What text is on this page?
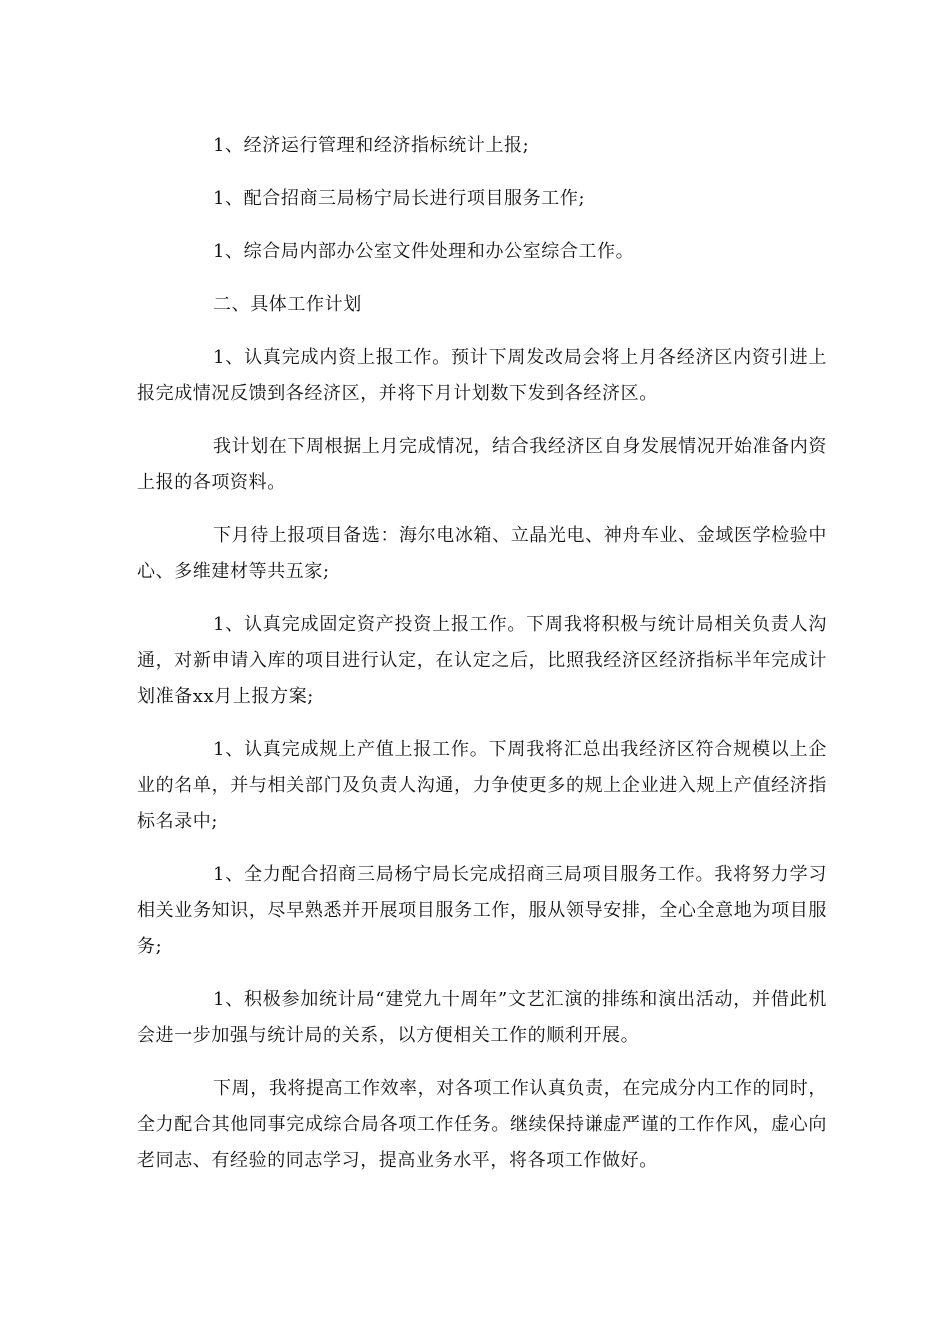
1、经济运行管理和经济指标统计上报;

1、配合招商三局杨宁局长进行项目服务工作;

1、综合局内部办公室文件处理和办公室综合工作。

二、具体工作计划

1、认真完成内资上报工作。预计下周发改局会将上月各经济区内资引进上报完成情况反馈到各经济区，并将下月计划数下发到各经济区。

我计划在下周根据上月完成情况，结合我经济区自身发展情况开始准备内资上报的各项资料。

下月待上报项目备选：海尔电冰箱、立晶光电、神舟车业、金域医学检验中心、多维建材等共五家;

1、认真完成固定资产投资上报工作。下周我将积极与统计局相关负责人沟通，对新申请入库的项目进行认定，在认定之后，比照我经济区经济指标半年完成计划准备xx月上报方案;

1、认真完成规上产值上报工作。下周我将汇总出我经济区符合规模以上企业的名单，并与相关部门及负责人沟通，力争使更多的规上企业进入规上产值经济指标名录中;

1、全力配合招商三局杨宁局长完成招商三局项目服务工作。我将努力学习相关业务知识，尽早熟悉并开展项目服务工作，服从领导安排，全心全意地为项目服务;

1、积极参加统计局“建党九十周年”文艺汇演的排练和演出活动，并借此机会进一步加强与统计局的关系，以方便相关工作的顺利开展。

下周，我将提高工作效率，对各项工作认真负责，在完成分内工作的同时，全力配合其他同事完成综合局各项工作任务。继续保持谦虚严谨的工作作风，虚心向老同志、有经验的同志学习，提高业务水平，将各项工作做好。
